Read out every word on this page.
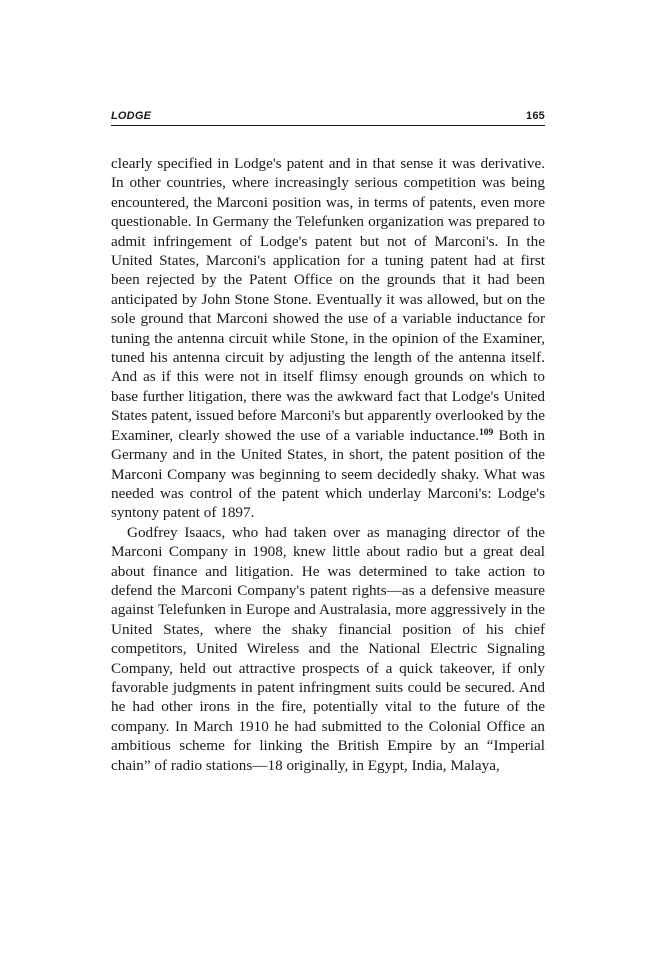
LODGE	165

clearly specified in Lodge's patent and in that sense it was derivative. In other countries, where increasingly serious competition was being encountered, the Marconi position was, in terms of patents, even more questionable. In Germany the Telefunken organization was prepared to admit infringement of Lodge's patent but not of Marconi's. In the United States, Marconi's application for a tuning patent had at first been rejected by the Patent Office on the grounds that it had been anticipated by John Stone Stone. Eventually it was allowed, but on the sole ground that Marconi showed the use of a variable inductance for tuning the antenna circuit while Stone, in the opinion of the Examiner, tuned his antenna circuit by adjusting the length of the antenna itself. And as if this were not in itself flimsy enough grounds on which to base further litigation, there was the awkward fact that Lodge's United States patent, issued before Marconi's but apparently overlooked by the Examiner, clearly showed the use of a variable inductance.$^{109}$ Both in Germany and in the United States, in short, the patent position of the Marconi Company was beginning to seem decidedly shaky. What was needed was control of the patent which underlay Marconi's: Lodge's syntony patent of 1897.

Godfrey Isaacs, who had taken over as managing director of the Marconi Company in 1908, knew little about radio but a great deal about finance and litigation. He was determined to take action to defend the Marconi Company's patent rights—as a defensive measure against Telefunken in Europe and Australasia, more aggressively in the United States, where the shaky financial position of his chief competitors, United Wireless and the National Electric Signaling Company, held out attractive prospects of a quick takeover, if only favorable judgments in patent infringment suits could be secured. And he had other irons in the fire, potentially vital to the future of the company. In March 1910 he had submitted to the Colonial Office an ambitious scheme for linking the British Empire by an “Imperial chain” of radio stations—18 originally, in Egypt, India, Malaya,
